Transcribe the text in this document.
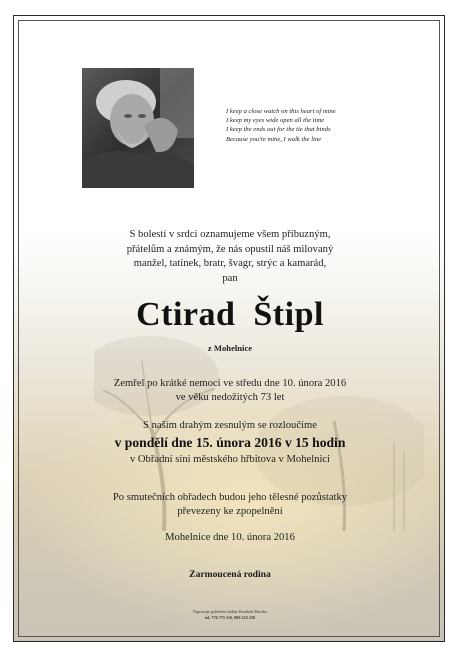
I keep a close watch on this heart of mine
I keep my eyes wide open all the time
I keep the ends out for the tie that binds
Because you're mine, I walk the line
S bolestí v srdci oznamujeme všem příbuzným,
přátelům a známým, že nás opustil náš milovaný
manžel, tatínek, bratr, švagr, strýc a kamarád,
pan
Ctirad  Štipl
z Mohelnice
Zemřel po krátké nemoci ve středu dne 10. února 2016
ve věku nedožitých 73 let
S naším drahým zesnulým se rozloučíme
v pondělí dne 15. února 2016 v 15 hodin
v Obřadní síni městského hřbitova v Mohelnici
Po smutečních obřadech budou jeho tělesné pozůstatky
převezeny ke zpopelnění
Mohelnice dne 10. února 2016
Zarmoucená rodina
Vypravuje pohřební služba Hornbek Mrosko
tel. 776 775 116, 800 222 220
